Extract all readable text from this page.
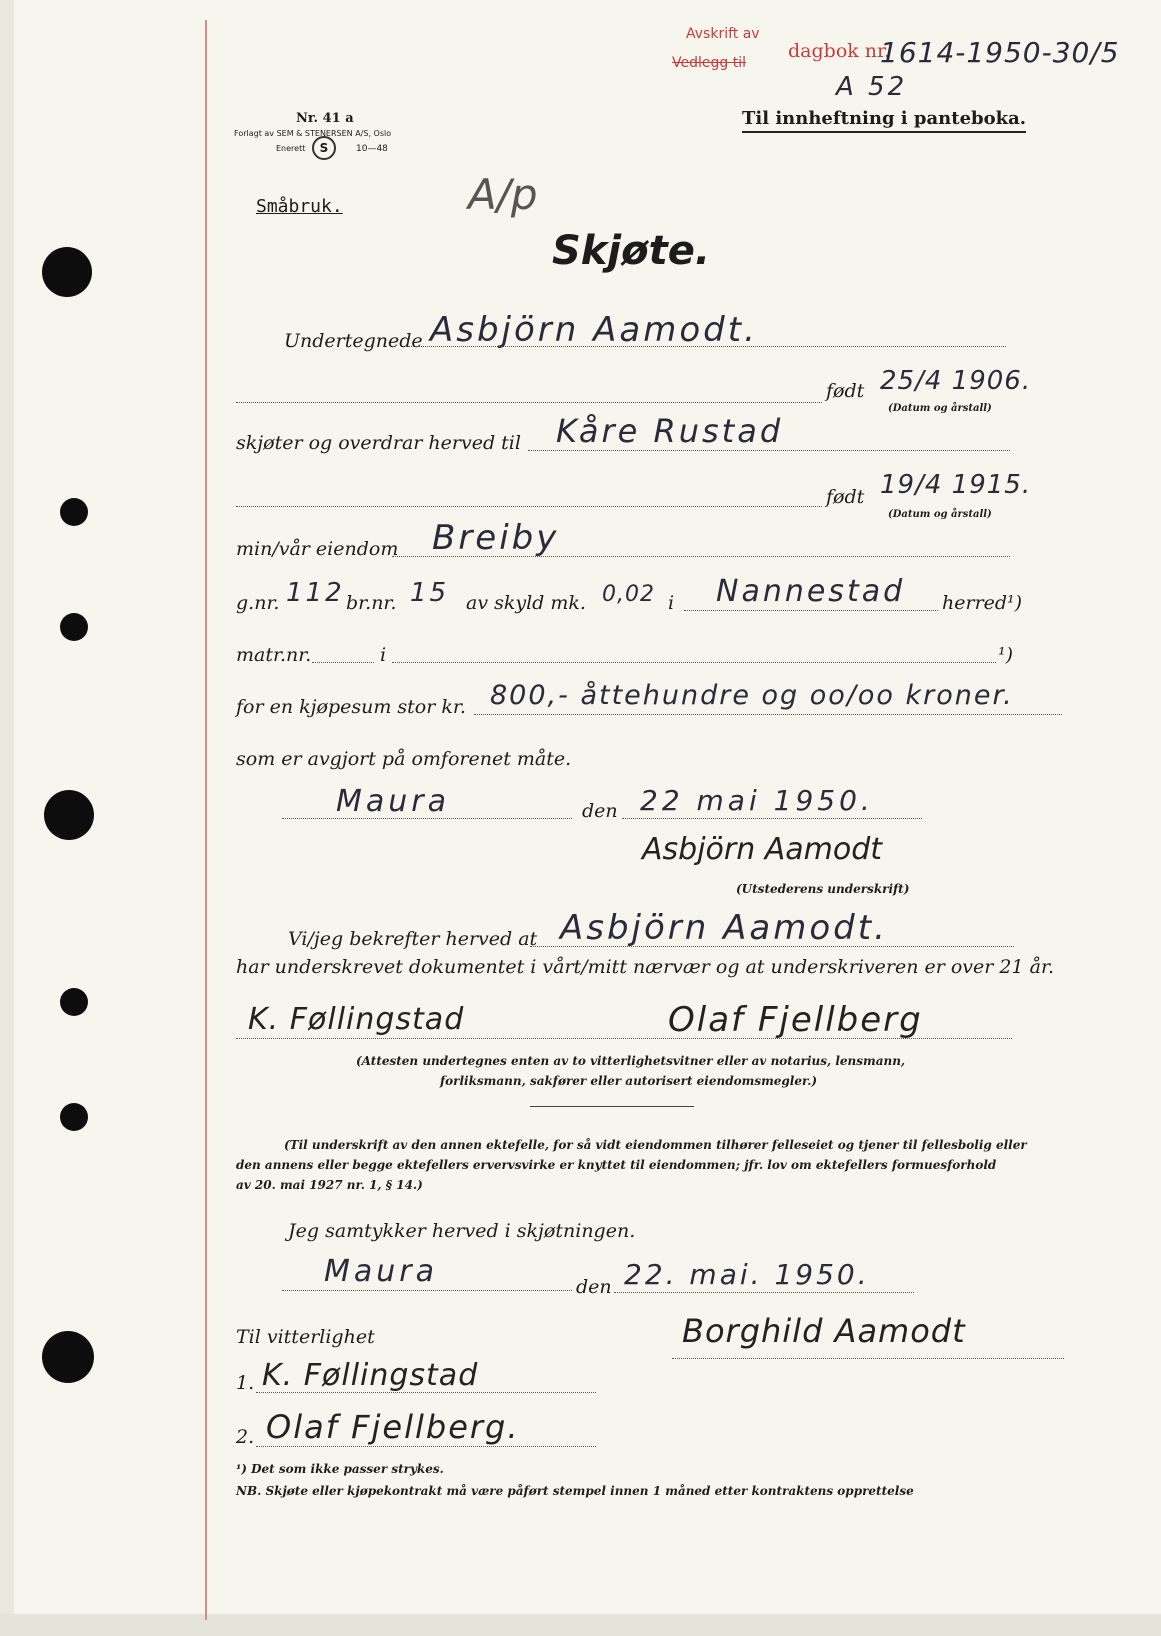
Avskrift av
Vedlegg til
dagbok nr.
1614-1950-30/5
A 52
Til innheftning i panteboka.
Nr. 41 a
Forlagt av SEM & STENERSEN A/S, Oslo
Enerett	S	10—48
Småbruk.	A/p
Skjøte.
Undertegnede Asbjörn Aamodt.
født 25/4 1906.
(Datum og årstall)
skjøter og overdrar herved til Kåre Rustad
født 19/4 1915.
(Datum og årstall)
min/vår eiendom Breiby
g.nr. 112 br.nr. 15 av skyld mk. 0,02 i Nannestad herred¹)
matr.nr.	i	¹)
for en kjøpesum stor kr. 800,- åttehundre og oo/oo kroner.
som er avgjort på omforenet måte.
Maura	den 22 mai 1950.
Asbjörn Aamodt
(Utstederens underskrift)
Vi/jeg bekrefter herved at Asbjörn Aamodt.
har underskrevet dokumentet i vårt/mitt nærvær og at underskriveren er over 21 år.
K. Føllingstad	Olaf Fjellberg
(Attesten undertegnes enten av to vitterlighetsvitner eller av notarius, lensmann,
forliksmann, sakfører eller autorisert eiendomsmegler.)
(Til underskrift av den annen ektefelle, for så vidt eiendommen tilhører felleseiet og tjener til fellesbolig eller
den annens eller begge ektefellers ervervsvirke er knyttet til eiendommen; jfr. lov om ektefellers formuesforhold
av 20. mai 1927 nr. 1, § 14.)
Jeg samtykker herved i skjøtningen.
Maura	den 22. mai. 1950.
Til vitterlighet	Borghild Aamodt
1. K. Føllingstad
2. Olaf Fjellberg.
¹) Det som ikke passer strykes.
NB. Skjøte eller kjøpekontrakt må være påført stempel innen 1 måned etter kontraktens opprettelse
